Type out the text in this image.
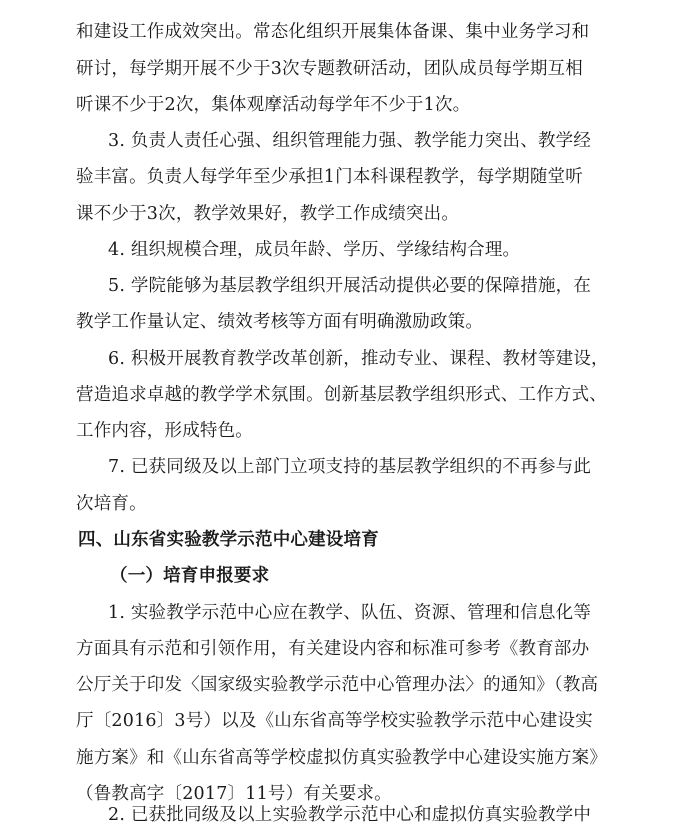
和建设工作成效突出。常态化组织开展集体备课、集中业务学习和
研讨，每学期开展不少于3次专题教研活动，团队成员每学期互相
听课不少于2次，集体观摩活动每学年不少于1次。
3. 负责人责任心强、组织管理能力强、教学能力突出、教学经
验丰富。负责人每学年至少承担1门本科课程教学，每学期随堂听
课不少于3次，教学效果好，教学工作成绩突出。
4. 组织规模合理，成员年龄、学历、学缘结构合理。
5. 学院能够为基层教学组织开展活动提供必要的保障措施，在
教学工作量认定、绩效考核等方面有明确激励政策。
6. 积极开展教育教学改革创新，推动专业、课程、教材等建设，
营造追求卓越的教学学术氛围。创新基层教学组织形式、工作方式、
工作内容，形成特色。
7. 已获同级及以上部门立项支持的基层教学组织的不再参与此
次培育。
四、山东省实验教学示范中心建设培育
（一）培育申报要求
1. 实验教学示范中心应在教学、队伍、资源、管理和信息化等
方面具有示范和引领作用，有关建设内容和标准可参考《教育部办
公厅关于印发〈国家级实验教学示范中心管理办法〉的通知》（教高
厅〔2016〕3号）以及《山东省高等学校实验教学示范中心建设实
施方案》和《山东省高等学校虚拟仿真实验教学中心建设实施方案》
（鲁教高字〔2017〕11号）有关要求。
2. 已获批同级及以上实验教学示范中心和虚拟仿真实验教学中
